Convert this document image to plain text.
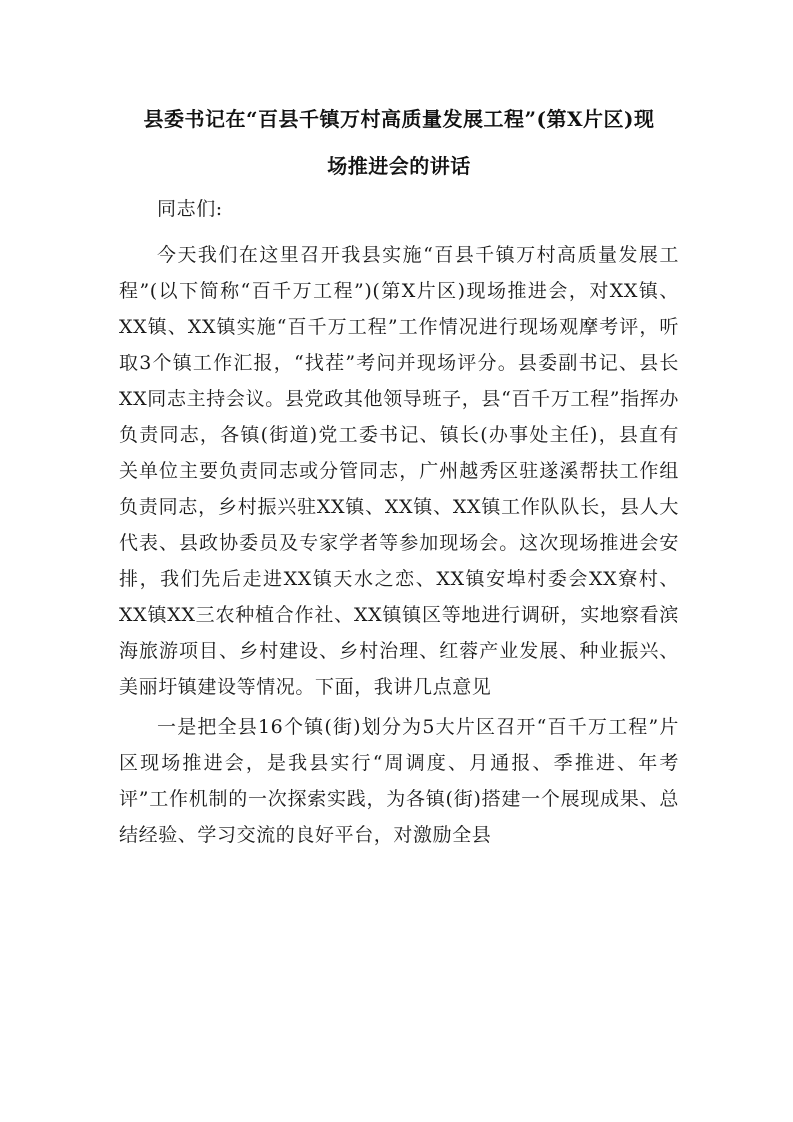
县委书记在“百县千镇万村高质量发展工程”(第X片区)现
场推进会的讲话

同志们:

今天我们在这里召开我县实施“百县千镇万村高质量发展工程”(以下简称“百千万工程”)(第X片区)现场推进会，对XX镇、XX镇、XX镇实施“百千万工程”工作情况进行现场观摩考评，听取3个镇工作汇报，“找茬”考问并现场评分。县委副书记、县长XX同志主持会议。县党政其他领导班子，县“百千万工程”指挥办负责同志，各镇(街道)党工委书记、镇长(办事处主任)，县直有关单位主要负责同志或分管同志，广州越秀区驻遂溪帮扶工作组负责同志，乡村振兴驻XX镇、XX镇、XX镇工作队队长，县人大代表、县政协委员及专家学者等参加现场会。这次现场推进会安排，我们先后走进XX镇天水之恋、XX镇安埠村委会XX寮村、XX镇XX三农种植合作社、XX镇镇区等地进行调研，实地察看滨海旅游项目、乡村建设、乡村治理、红蓉产业发展、种业振兴、美丽圩镇建设等情况。下面，我讲几点意见

一是把全县16个镇(街)划分为5大片区召开“百千万工程”片区现场推进会，是我县实行“周调度、月通报、季推进、年考评”工作机制的一次探索实践，为各镇(街)搭建一个展现成果、总结经验、学习交流的良好平台，对激励全县
